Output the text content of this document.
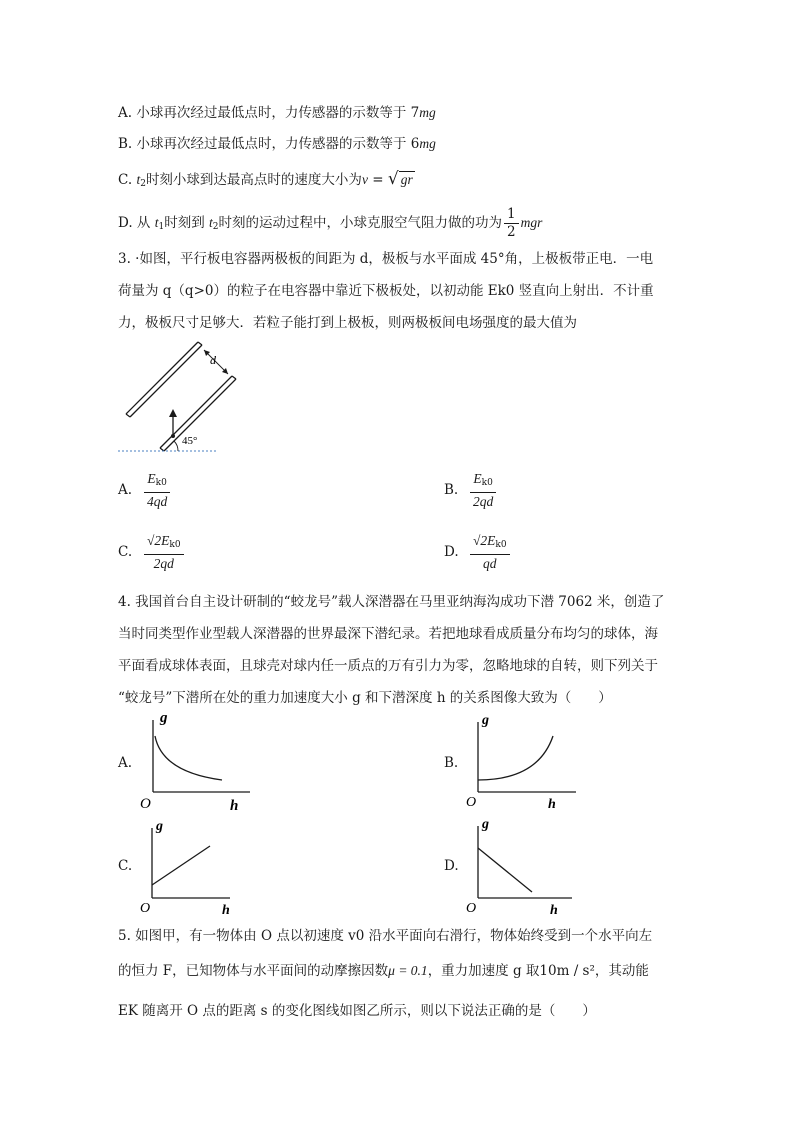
A. 小球再次经过最低点时，力传感器的示数等于 7mg
B. 小球再次经过最低点时，力传感器的示数等于 6mg
C. $t_2$时刻小球到达最高点时的速度大小为v = √ gr
D. 从 $t_1$时刻到 $t_2$时刻的运动过程中，小球克服空气阻力做的功为 $\frac{1}{2}$ mgr
3. ·如图，平行板电容器两极板的间距为 d，极板与水平面成 45°角，上极板带正电．一电
荷量为 q（q>0）的粒子在电容器中靠近下极板处，以初动能 Ek0 竖直向上射出．不计重
力，极板尺寸足够大．若粒子能打到上极板，则两极板间电场强度的最大值为
d
45°
A. $\frac{E_{k0}}{4qd}$	B. $\frac{E_{k0}}{2qd}$
C. $\frac{√2E_{k0}}{2qd}$	D. $\frac{√2E_{k0}}{qd}$
4. 我国首台自主设计研制的“蛟龙号”载人深潜器在马里亚纳海沟成功下潜 7062 米，创造了
当时同类型作业型载人深潜器的世界最深下潜纪录。若把地球看成质量分布均匀的球体，海
平面看成球体表面，且球壳对球内任一质点的万有引力为零，忽略地球的自转，则下列关于
“蛟龙号”下潜所在处的重力加速度大小 g 和下潜深度 h 的关系图像大致为（　　）
A.
g
O	h
B.
g
O	h
C.
g
O	h
D.
g
O	h
5. 如图甲，有一物体由 O 点以初速度 v0 沿水平面向右滑行，物体始终受到一个水平向左
的恒力 F，已知物体与水平面间的动摩擦因数μ = 0.1，重力加速度 g 取10m / s²，其动能
EK 随离开 O 点的距离 s 的变化图线如图乙所示，则以下说法正确的是（　　）
